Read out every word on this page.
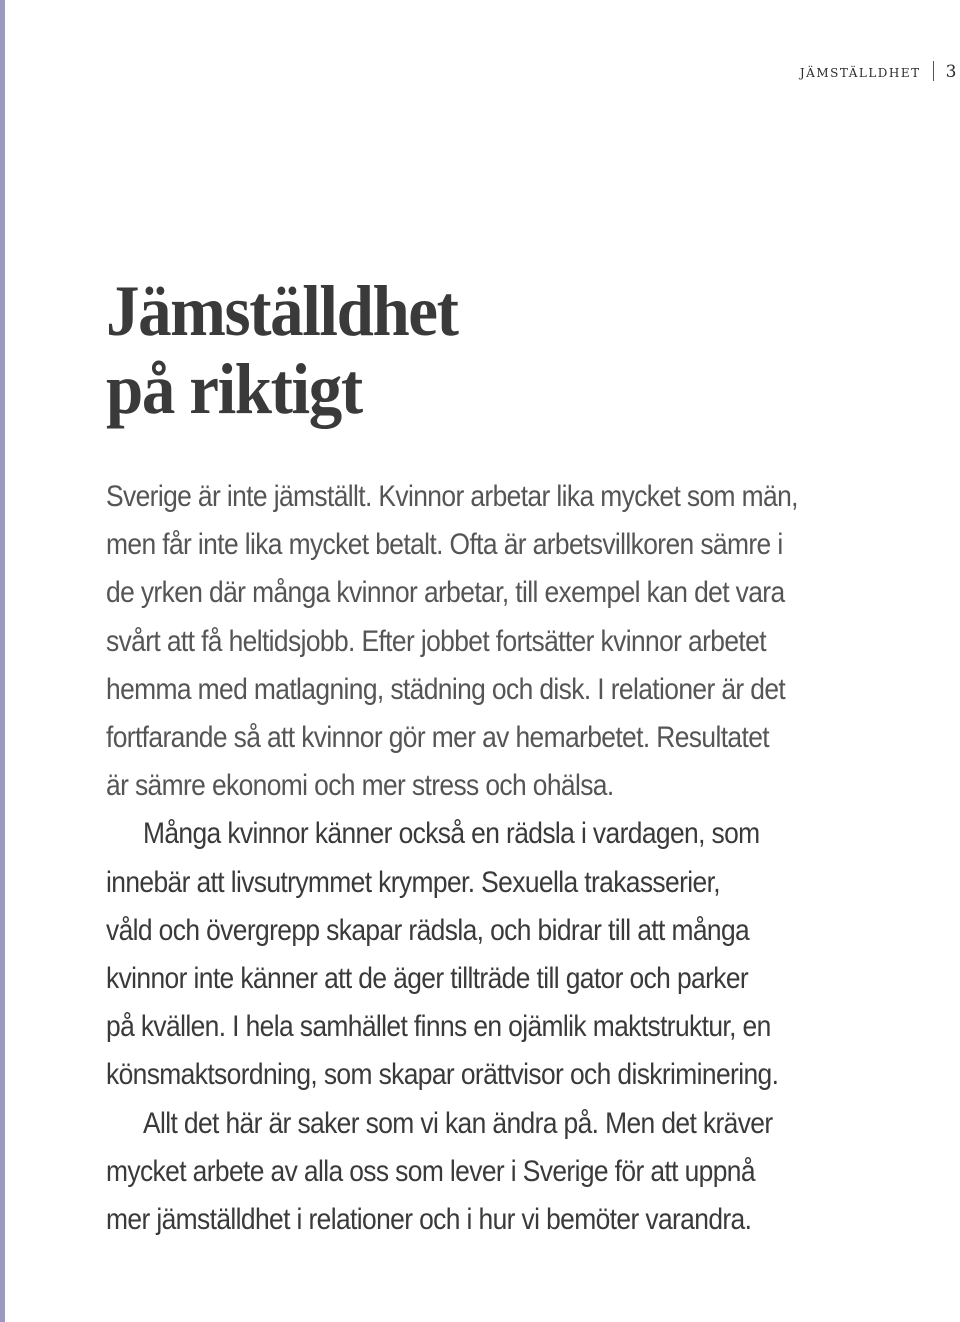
jämställdhet 3
Jämställdhet
på riktigt
Sverige är inte jämställt. Kvinnor arbetar lika mycket som män,
men får inte lika mycket betalt. Ofta är arbetsvillkoren sämre i
de yrken där många kvinnor arbetar, till exempel kan det vara
svårt att få heltidsjobb. Efter jobbet fortsätter kvinnor arbetet
hemma med matlagning, städning och disk. I relationer är det
fortfarande så att kvinnor gör mer av hemarbetet. Resultatet
är sämre ekonomi och mer stress och ohälsa.
Många kvinnor känner också en rädsla i vardagen, som
innebär att livsutrymmet krymper. Sexuella trakasserier,
våld och övergrepp skapar rädsla, och bidrar till att många
kvinnor inte känner att de äger tillträde till gator och parker
på kvällen. I hela samhället finns en ojämlik maktstruktur, en
könsmaktsordning, som skapar orättvisor och diskriminering.
Allt det här är saker som vi kan ändra på. Men det kräver
mycket arbete av alla oss som lever i Sverige för att uppnå
mer jämställdhet i relationer och i hur vi bemöter varandra.
